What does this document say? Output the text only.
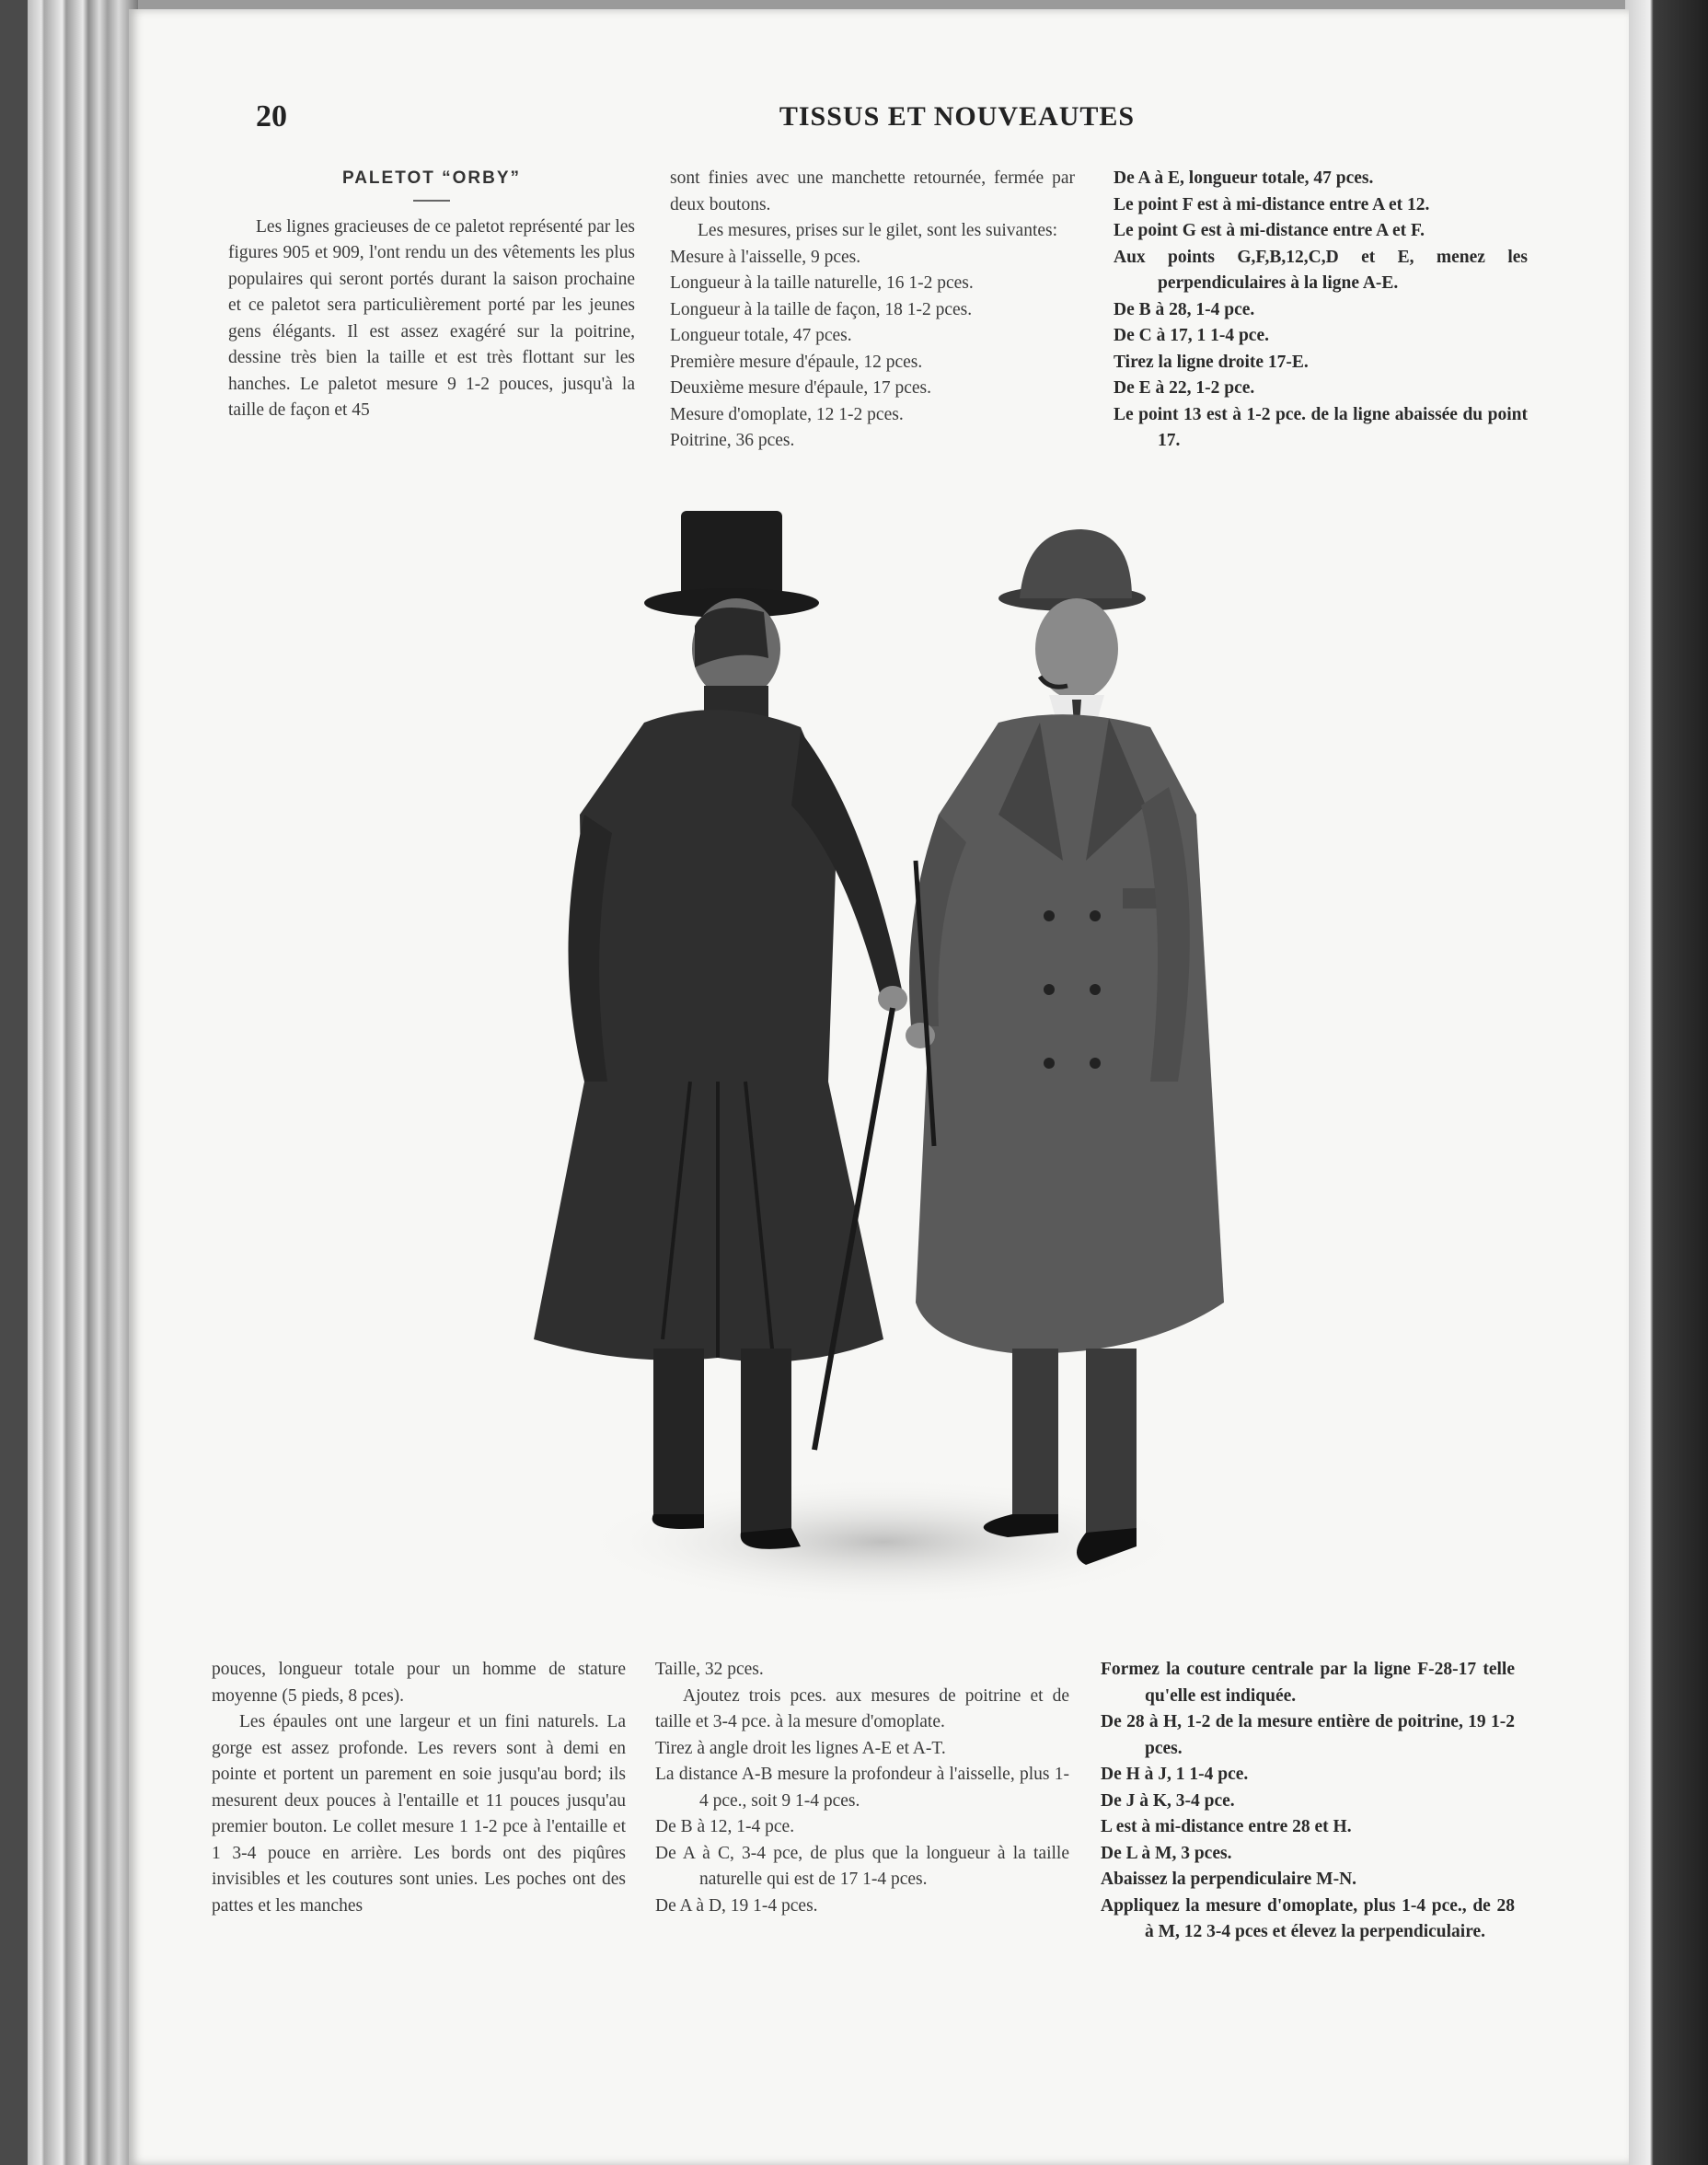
20	TISSUS ET NOUVEAUTES
PALETOT “ORBY”

Les lignes gracieuses de ce paletot représenté par les figures 905 et 909, l'ont rendu un des vêtements les plus populaires qui seront portés durant la saison prochaine et ce paletot sera particulièrement porté par les jeunes gens élégants. Il est assez exagéré sur la poitrine, dessine très bien la taille et est très flottant sur les hanches. Le paletot mesure 9 1-2 pouces, jusqu'à la taille de façon et 45

sont finies avec une manchette retournée, fermée par deux boutons.

Les mesures, prises sur le gilet, sont les suivantes:

Mesure à l'aisselle, 9 pces.

Longueur à la taille naturelle, 16 1-2 pces.

Longueur à la taille de façon, 18 1-2 pces.

Longueur totale, 47 pces.

Première mesure d'épaule, 12 pces.

Deuxième mesure d'épaule, 17 pces.

Mesure d'omoplate, 12 1-2 pces.

Poitrine, 36 pces.

De A à E, longueur totale, 47 pces.

Le point F est à mi-distance entre A et 12.

Le point G est à mi-distance entre A et F.

Aux points G,F,B,12,C,D et E, menez les perpendiculaires à la ligne A-E.

De B à 28, 1-4 pce.

De C à 17, 1 1-4 pce.

Tirez la ligne droite 17-E.

De E à 22, 1-2 pce.

Le point 13 est à 1-2 pce. de la ligne abaissée du point 17.

pouces, longueur totale pour un homme de stature moyenne (5 pieds, 8 pces).

Les épaules ont une largeur et un fini naturels. La gorge est assez profonde. Les revers sont à demi en pointe et portent un parement en soie jusqu'au bord; ils mesurent deux pouces à l'entaille et 11 pouces jusqu'au premier bouton. Le collet mesure 1 1-2 pce à l'entaille et 1 3-4 pouce en arrière. Les bords ont des piqûres invisibles et les coutures sont unies. Les poches ont des pattes et les manches

Taille, 32 pces.

Ajoutez trois pces. aux mesures de poitrine et de taille et 3-4 pce. à la mesure d'omoplate.

Tirez à angle droit les lignes A-E et A-T.

La distance A-B mesure la profondeur à l'aisselle, plus 1-4 pce., soit 9 1-4 pces.

De B à 12, 1-4 pce.

De A à C, 3-4 pce, de plus que la longueur à la taille naturelle qui est de 17 1-4 pces.

De A à D, 19 1-4 pces.

Formez la couture centrale par la ligne F-28-17 telle qu'elle est indiquée.

De 28 à H, 1-2 de la mesure entière de poitrine, 19 1-2 pces.

De H à J, 1 1-4 pce.

De J à K, 3-4 pce.

L est à mi-distance entre 28 et H.

De L à M, 3 pces.

Abaissez la perpendiculaire M-N.

Appliquez la mesure d'omoplate, plus 1-4 pce., de 28 à M, 12 3-4 pces et élevez la perpendiculaire.
